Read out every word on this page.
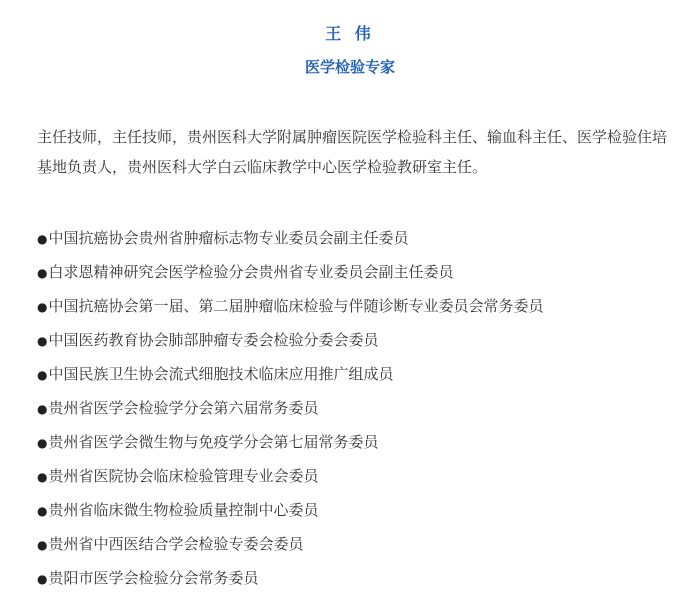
王 伟
医学检验专家
主任技师，主任技师，贵州医科大学附属肿瘤医院医学检验科主任、输血科主任、医学检验住培基地负责人，贵州医科大学白云临床教学中心医学检验教研室主任。
●中国抗癌协会贵州省肿瘤标志物专业委员会副主任委员
●白求恩精神研究会医学检验分会贵州省专业委员会副主任委员
●中国抗癌协会第一届、第二届肿瘤临床检验与伴随诊断专业委员会常务委员
●中国医药教育协会肺部肿瘤专委会检验分委会委员
●中国民族卫生协会流式细胞技术临床应用推广组成员
●贵州省医学会检验学分会第六届常务委员
●贵州省医学会微生物与免疫学分会第七届常务委员
●贵州省医院协会临床检验管理专业会委员
●贵州省临床微生物检验质量控制中心委员
●贵州省中西医结合学会检验专委会委员
●贵阳市医学会检验分会常务委员
